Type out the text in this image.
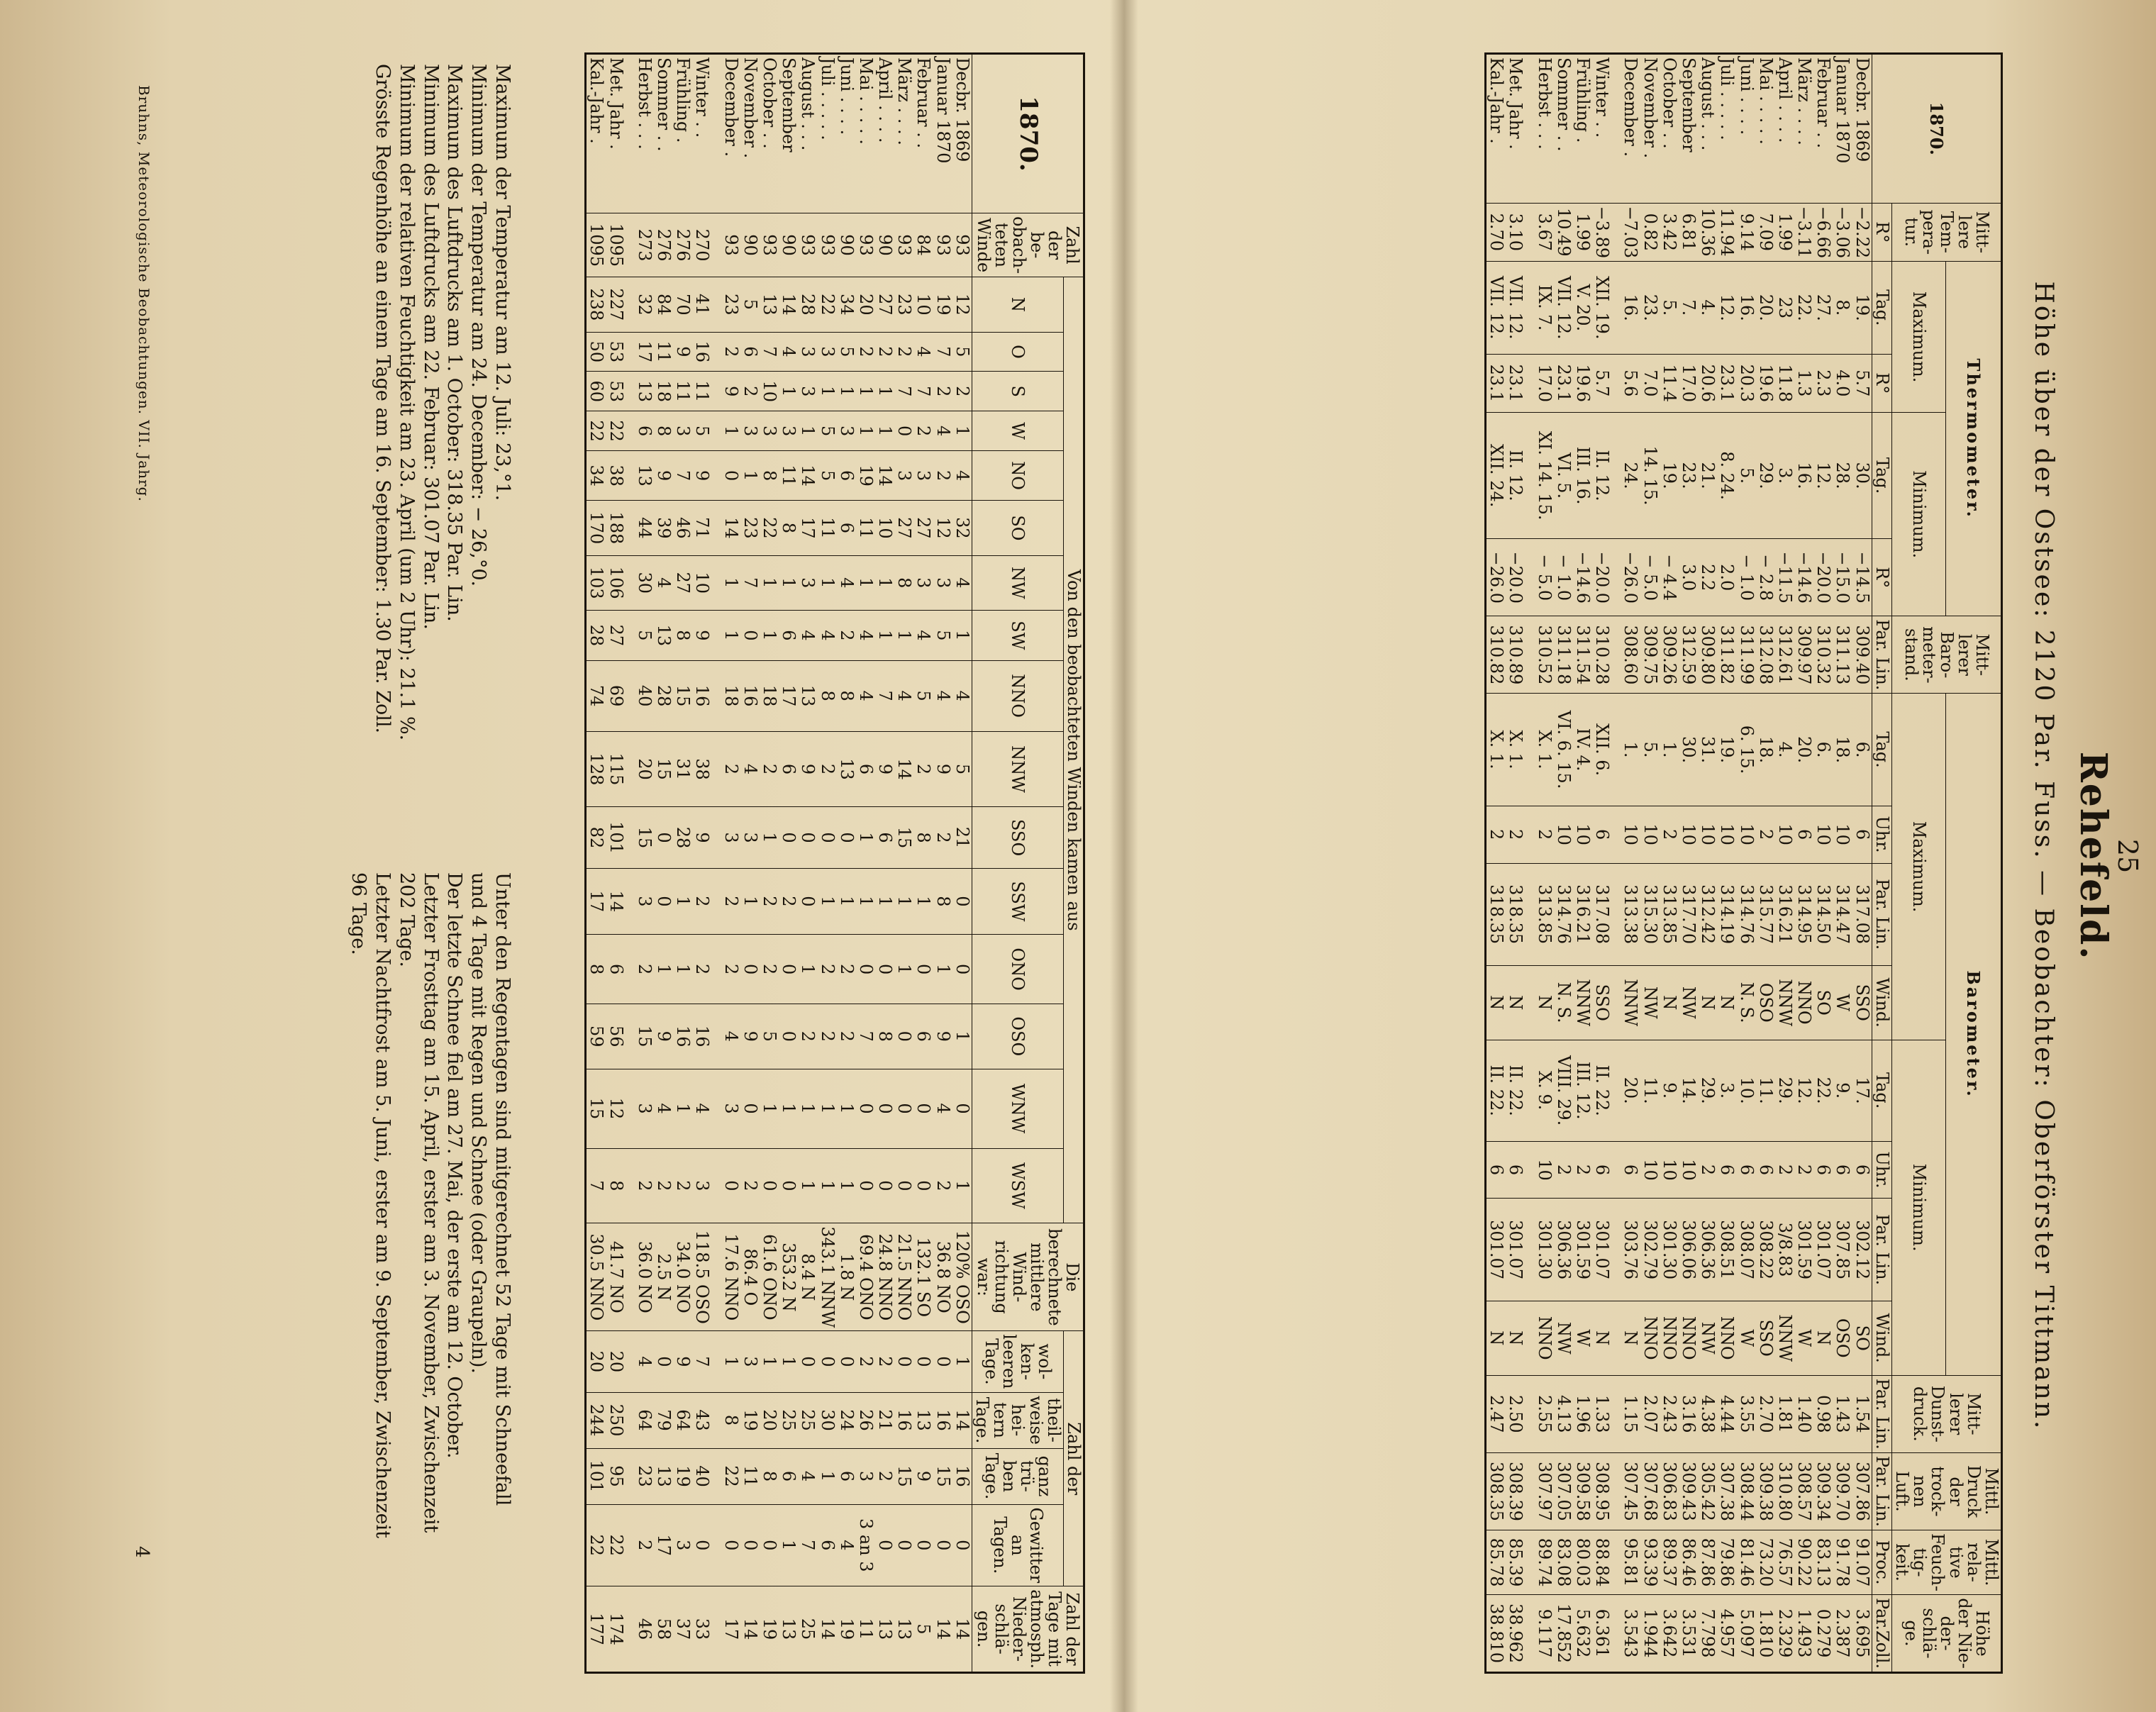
25
Rehefeld.
Höhe über der Ostsee: 2120 Par. Fuss. — Beobachter: Oberförster Tittmann.
1870.	Mitt-lere Tem-pera-tur.	Thermometer.				Mitt-lerer Baro-meter-stand.	Barometer.								Mitt-lerer Dunst-druck.	Mittl. Druck der trock-nen Luft.	Mittl. rela-tive Feuch-tig-keit.	Höhe der Nie-der-schlä-ge.
		Maximum.		Minimum.			Maximum.				Minimum.							
	R°	Tag.	R°	Tag.	R°	Par. Lin.	Tag.	Uhr.	Par. Lin.	Wind.	Tag.	Uhr.	Par. Lin.	Wind.	Par. Lin.	Par. Lin.	Proc.	Par.Zoll.
Decbr. 1869	−2.22	19.	5.7	30.	−14.5	309.40	6.	6	317.08	SSO	17.	6	302.12	SO	1.54	307.86	91.07	3.695
Januar 1870	−3.06	8.	4.0	28.	−15.0	311.13	18.	10	314.47	W	9.	6	307.85	OSO	1.43	309.70	91.78	2.387
Februar . .	−6.66	27.	2.3	12.	−20.0	310.32	6.	10	314.50	SO	22.	6	301.07	N	0.98	309.34	83.13	0.279
März . . . .	−3.11	22.	1.3	16.	−14.6	309.97	20.	6	314.95	NNO	12.	2	301.59	W	1.40	308.57	90.22	1.493
April . . . .	1.99	23	11.8	3.	−11.5	312.61	4.	10	316.21	NNW	29.	2	3/8.83	NNW	1.81	310.80	76.57	2.329
Mai . . . . .	7.09	20.	19.6	29.	− 2.8	312.08	18.	2	315.77	OSO	11.	6	308.22	SSO	2.70	309.38	73.20	1.810
Juni . . . .	9.14	16.	20.3	5.	− 1.0	311.99	6. 15.	10	314.76	N. S.	10.	6	308.07	W	3.55	308.44	81.46	5.097
Juli . . . . .	11.94	12.	23.1	8. 24.	2.0	311.82	19.	10	314.19	N	3.	6	308.51	NNO	4.44	307.38	79.86	4.957
August . . .	10.36	4.	20.6	21.	2.2	309.80	31.	10	312.42	N	29.	2	306.36	NW	4.38	305.42	87.86	7.798
September	6.81	7.	17.0	23.	3.0	312.59	30.	10	317.70	NW	14.	10	306.06	NNO	3.16	309.43	86.46	3.531
October . .	3.42	5.	11.4	19.	− 4.4	309.26	1.	2	313.85	N	9.	10	301.30	NNO	2.43	306.83	89.37	3.642
November .	0.82	23.	7.0	14. 15.	− 5.0	309.75	5.	10	315.30	NW	11.	10	302.79	NNO	2.07	307.68	93.39	1.944
December .	−7.03	16.	5.6	24.	−26.0	308.60	1.	10	313.38	NNW	20.	6	303.76	N	1.15	307.45	95.81	3.543
Winter . .	−3.89	XII. 19.	5.7	II. 12.	−20.0	310.28	XII. 6.	6	317.08	SSO	II. 22.	6	301.07	N	1.33	308.95	88.84	6.361
Frühling .	1.99	V. 20.	19.6	III. 16.	−14.6	311.54	IV. 4.	10	316.21	NNW	III. 12.	2	301.59	W	1.96	309.58	80.03	5.632
Sommer . .	10.49	VII. 12.	23.1	VI. 5.	− 1.0	311.18	VI. 6. 15.	10	314.76	N. S.	VIII. 29.	2	306.36	NW	4.13	307.05	83.08	17.852
Herbst . . .	3.67	IX. 7.	17.0	XI. 14. 15.	− 5.0	310.52	X. 1.	2	313.85	N	X. 9.	10	301.30	NNO	2.55	307.97	89.74	9.117
Met. Jahr .	3.10	VII. 12.	23.1	II. 12.	−20.0	310.89	X. 1.	2	318.35	N	II. 22.	6	301.07	N	2.50	308.39	85.39	38.962
Kal.-Jahr .	2.70	VII. 12.	23.1	XII. 24.	−26.0	310.82	X. 1.	2	318.35	N	II. 22.	6	301.07	N	2.47	308.35	85.78	38.810
1870.	Zahl der be-obach-teten Winde	Von den beobachteten Winden kamen aus																Die berechnete mittlere Wind-richtung war:	Zahl der				Zahl der Tage mit atmosph. Nieder-schlä-gen.
		N	O	S	W	NO	SO	NW	SW	NNO	NNW	SSO	SSW	ONO	OSO	WNW	WSW		wol-ken-leeren Tage.	theil-weise hei-tern Tage.	ganz trü-ben Tage.	Gewitter an Tagen.	
Decbr. 1869	93	12	5	2	1	4	32	4	1	4	5	21	0	0	1	0	1	120% OSO	1	14	16	0	14
Januar 1870	93	19	7	2	4	2	12	3	5	4	9	2	8	1	9	4	2	36.8 NO	0	16	15	0	14
Februar . .	84	10	4	7	2	3	27	3	4	5	2	8	1	0	6	0	0	132.1 SO	0	13	9	0	5
März . . . .	93	23	2	7	0	3	27	8	1	4	14	15	1	1	0	0	0	21.5 NNO	0	16	15	0	13
April . . . .	90	27	2	1	1	14	10	1	1	7	9	6	1	0	8	0	0	24.8 NNO	2	21	2	0	13
Mai . . . . .	93	20	2	1	1	19	11	1	4	4	6	1	1	0	7	0	0	69.4 ONO	2	26	3	3 an 3	11
Juni . . . .	90	34	5	1	3	6	6	4	2	8	13	0	1	2	2	1	1	1.8 N	0	24	6	4	19
Juli . . . . .	93	22	3	1	5	5	11	1	4	8	2	0	1	2	2	1	1	343.1 NNW	0	30	1	6	14
August . . .	93	28	3	3	1	14	17	3	4	13	9	0	0	1	2	1	1	8.4 N	0	25	4	7	25
September	90	14	4	1	3	11	8	1	6	17	6	0	2	0	0	1	0	353.2 N	1	25	6	1	13
October . .	93	13	7	10	3	8	22	1	1	18	2	1	2	2	5	1	0	61.6 ONO	1	20	8	0	19
November .	90	5	6	2	3	1	23	7	0	16	4	3	1	0	9	0	2	86.4 O	3	19	11	0	14
December .	93	23	2	9	1	0	14	1	1	18	2	3	2	2	4	3	0	17.6 NNO	1	8	22	0	17
Winter . .	270	41	16	11	5	9	71	10	9	16	38	9	2	2	16	4	3	118.5 OSO	7	43	40	0	33
Frühling .	276	70	9	11	3	7	46	27	8	15	31	28	1	1	16	1	2	34.0 NO	9	64	19	3	37
Sommer . .	276	84	11	18	8	9	39	4	13	28	15	0	0	1	9	4	2	2.5 N	0	79	13	17	58
Herbst . . .	273	32	17	13	6	13	44	30	5	40	20	15	3	2	15	3	2	36.0 NO	4	64	23	2	46
Met. Jahr .	1095	227	53	53	22	38	188	106	27	69	115	101	14	6	56	12	8	41.7 NO	20	250	95	22	174
Kal.-Jahr .	1095	238	50	60	22	34	170	103	28	74	128	82	17	8	59	15	7	30.5 NNO	20	244	101	22	177
Maximum der Temperatur am 12. Juli: 23,°1.
Minimum der Temperatur am 24. December: − 26,°0.
Maximum des Luftdrucks am 1. October: 318.35 Par. Lin.
Minimum des Luftdrucks am 22. Februar: 301.07 Par. Lin.
Minimum der relativen Feuchtigkeit am 23. April (um 2 Uhr): 21.1 %.
Grösste Regenhöhe an einem Tage am 16. September: 1.30 Par. Zoll.
Unter den Regentagen sind mitgerechnet 52 Tage mit Schneefall
und 4 Tage mit Regen und Schnee (oder Graupeln).
Der letzte Schnee fiel am 27. Mai, der erste am 12. October.
Letzter Frosttag am 15. April, erster am 3. November, Zwischenzeit
202 Tage.
Letzter Nachtfrost am 5. Juni, erster am 9. September, Zwischenzeit
96 Tage.
Bruhns, Meteorologische Beobachtungen. VII. Jahrg.
4
